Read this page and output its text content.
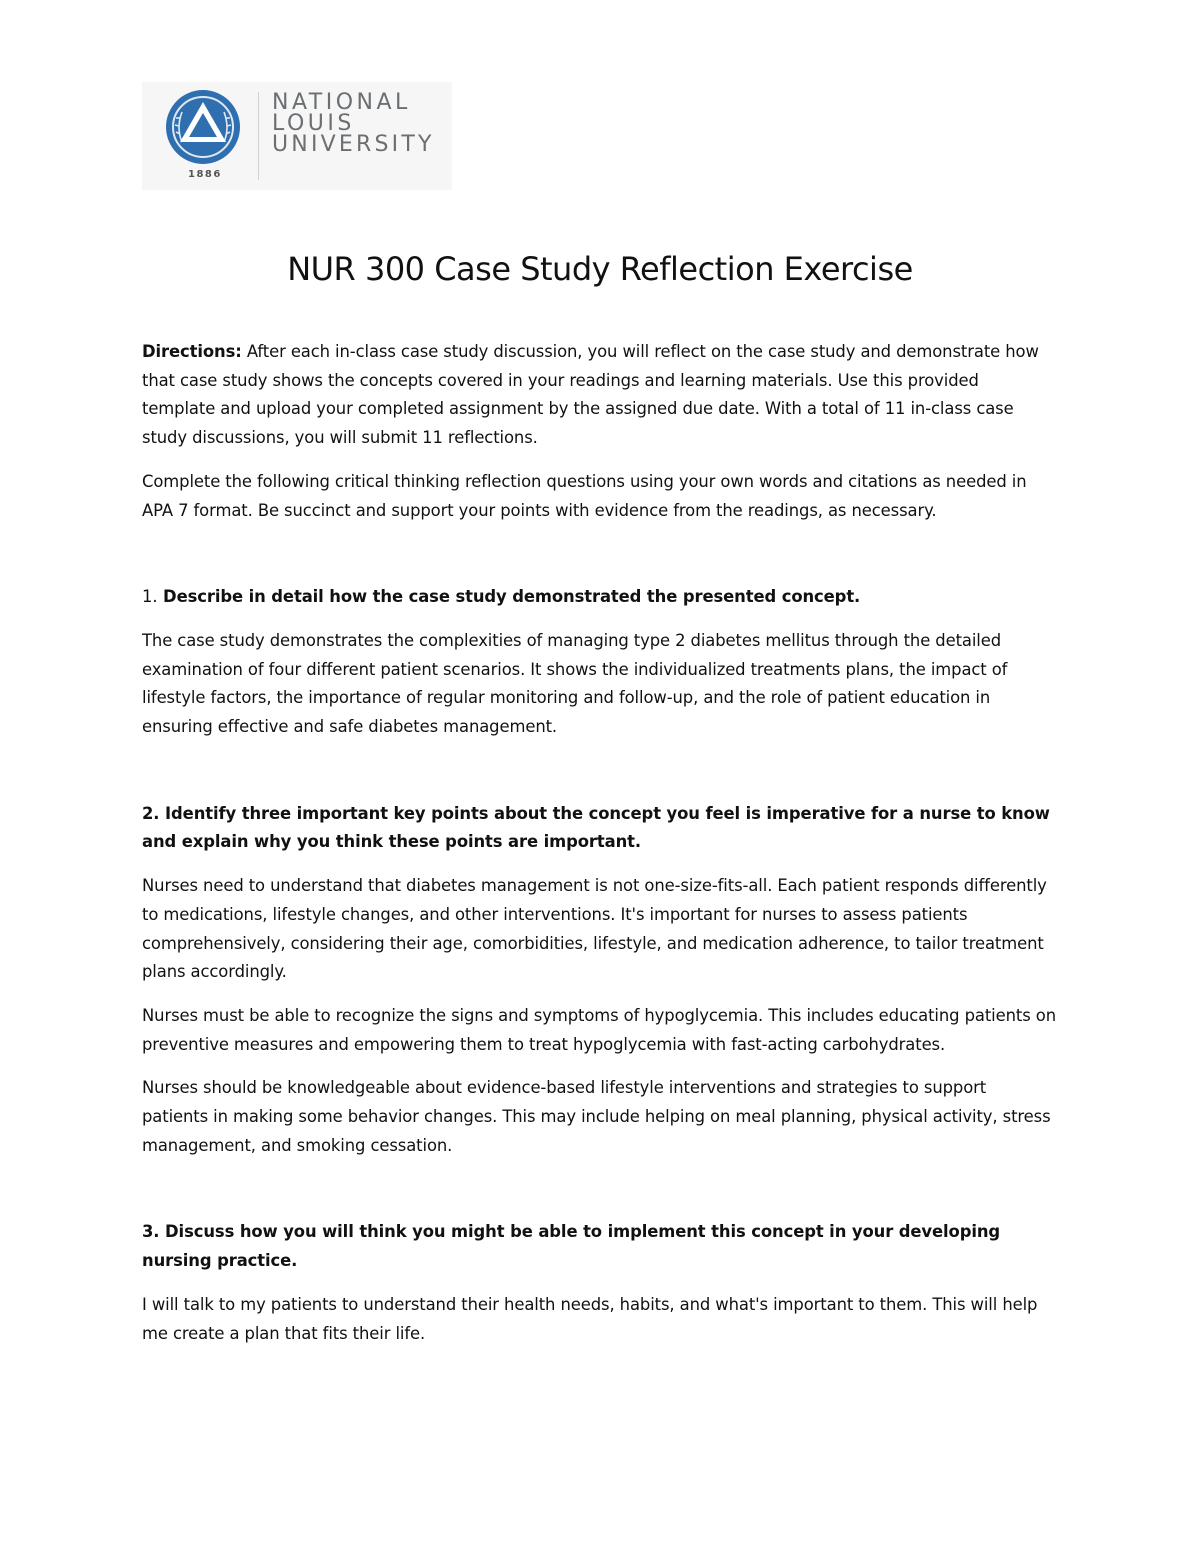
1886
NATIONAL
LOUIS
UNIVERSITY
NUR 300 Case Study Reflection Exercise

Directions: After each in-class case study discussion, you will reflect on the case study and demonstrate how that case study shows the concepts covered in your readings and learning materials. Use this provided template and upload your completed assignment by the assigned due date. With a total of 11 in-class case study discussions, you will submit 11 reflections.

Complete the following critical thinking reflection questions using your own words and citations as needed in APA 7 format. Be succinct and support your points with evidence from the readings, as necessary.

1. Describe in detail how the case study demonstrated the presented concept.

The case study demonstrates the complexities of managing type 2 diabetes mellitus through the detailed examination of four different patient scenarios. It shows the individualized treatments plans, the impact of lifestyle factors, the importance of regular monitoring and follow-up, and the role of patient education in ensuring effective and safe diabetes management.

2. Identify three important key points about the concept you feel is imperative for a nurse to know and explain why you think these points are important.

Nurses need to understand that diabetes management is not one-size-fits-all. Each patient responds differently to medications, lifestyle changes, and other interventions. It's important for nurses to assess patients comprehensively, considering their age, comorbidities, lifestyle, and medication adherence, to tailor treatment plans accordingly.

Nurses must be able to recognize the signs and symptoms of hypoglycemia. This includes educating patients on preventive measures and empowering them to treat hypoglycemia with fast-acting carbohydrates.

Nurses should be knowledgeable about evidence-based lifestyle interventions and strategies to support patients in making some behavior changes. This may include helping on meal planning, physical activity, stress management, and smoking cessation.

3. Discuss how you will think you might be able to implement this concept in your developing nursing practice.

I will talk to my patients to understand their health needs, habits, and what's important to them. This will help me create a plan that fits their life.
